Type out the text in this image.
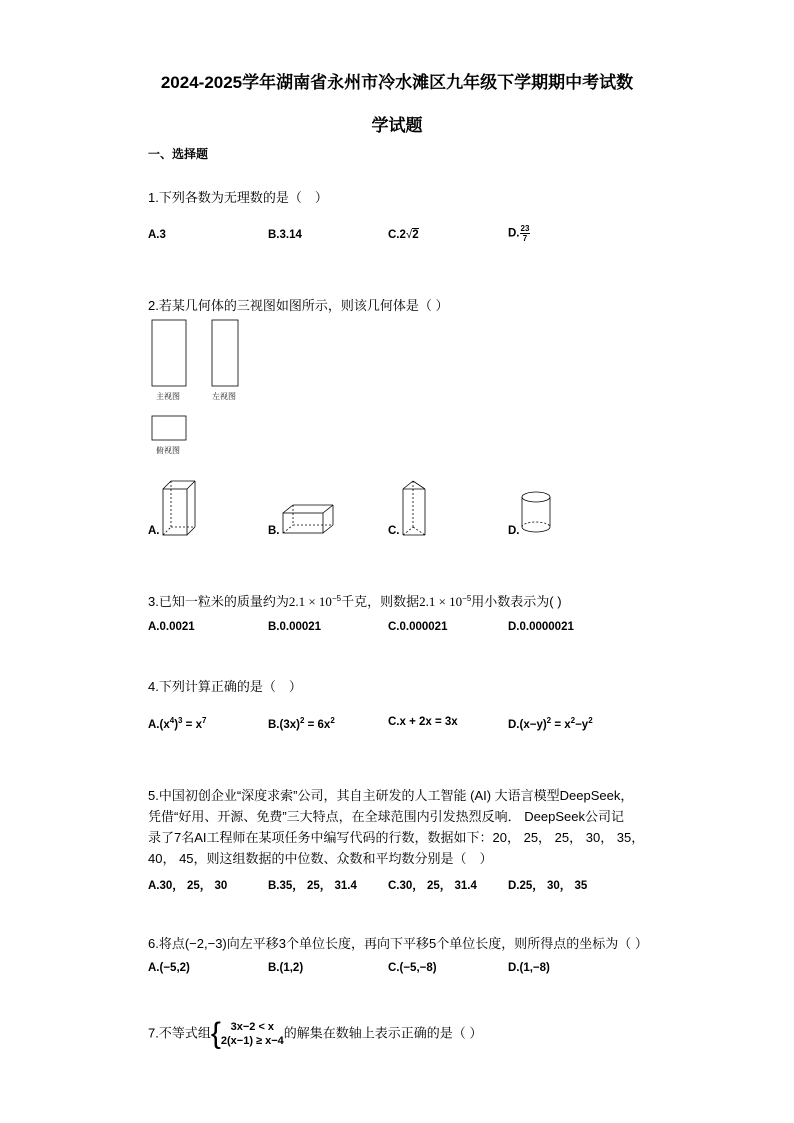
2024-2025学年湖南省永州市冷水滩区九年级下学期期中考试数
学试题
一、选择题
1.下列各数为无理数的是（　）
A.3	B.3.14	C.2√2	D. $\frac{23}{7}$
2.若某几何体的三视图如图所示，则该几何体是（ ）
主视图	左视图
俯视图
A.	B.	C.	D.
3.已知一粒米的质量约为$2.1 \times 10^{-5}$千克，则数据$2.1 \times 10^{-5}$用小数表示为( )
A.0.0021	B.0.00021	C.0.000021	D.0.0000021
4.下列计算正确的是（　）
$A.(x^4)^3 = x^7$	$B.(3x)^2 = 6x^2$	C.x + 2x = 3x	$D.(x-y)^2 = x^2-y^2$
5.中国初创企业“深度求索”公司，其自主研发的人工智能 (AI) 大语言模型DeepSeek，
凭借“好用、开源、免费”三大特点，在全球范围内引发热烈反响． DeepSeek公司记
录了7名AI工程师在某项任务中编写代码的行数，数据如下：20， 25， 25， 30， 35，
40， 45，则这组数据的中位数、众数和平均数分别是（　）
A.30， 25， 30	B.35， 25， 31.4	C.30， 25， 31.4	D.25， 30， 35
6.将点(−2,−3)向左平移3个单位长度，再向下平移5个单位长度，则所得点的坐标为（ ）
A.(−5,2)	B.(1,2)	C.(−5,−8)	D.(1,−8)
7.不等式组{ 3x−2 < x
2(x−1) ≥ x−4
的解集在数轴上表示正确的是（ ）
